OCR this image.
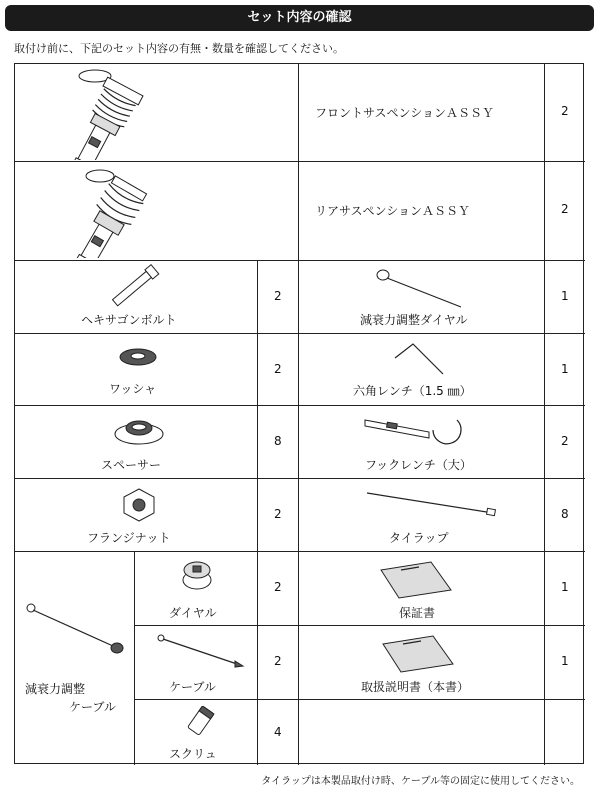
セット内容の確認
取付け前に、下記のセット内容の有無・数量を確認してください。
フロントサスペンションＡＳＳＹ	2
リアサスペンションＡＳＳＹ	2
ヘキサゴンボルト
2
減衰力調整ダイヤル
1
ワッシャ
2
六角レンチ（1.5 ㎜）
1
スペーサー
8
フックレンチ（大）
2
フランジナット
2
タイラップ
8
減衰力調整
ケーブル
ダイヤル
2
保証書
1
ケーブル
2
取扱説明書（本書）
1
スクリュ
4
タイラップは本製品取付け時、ケーブル等の固定に使用してください。
